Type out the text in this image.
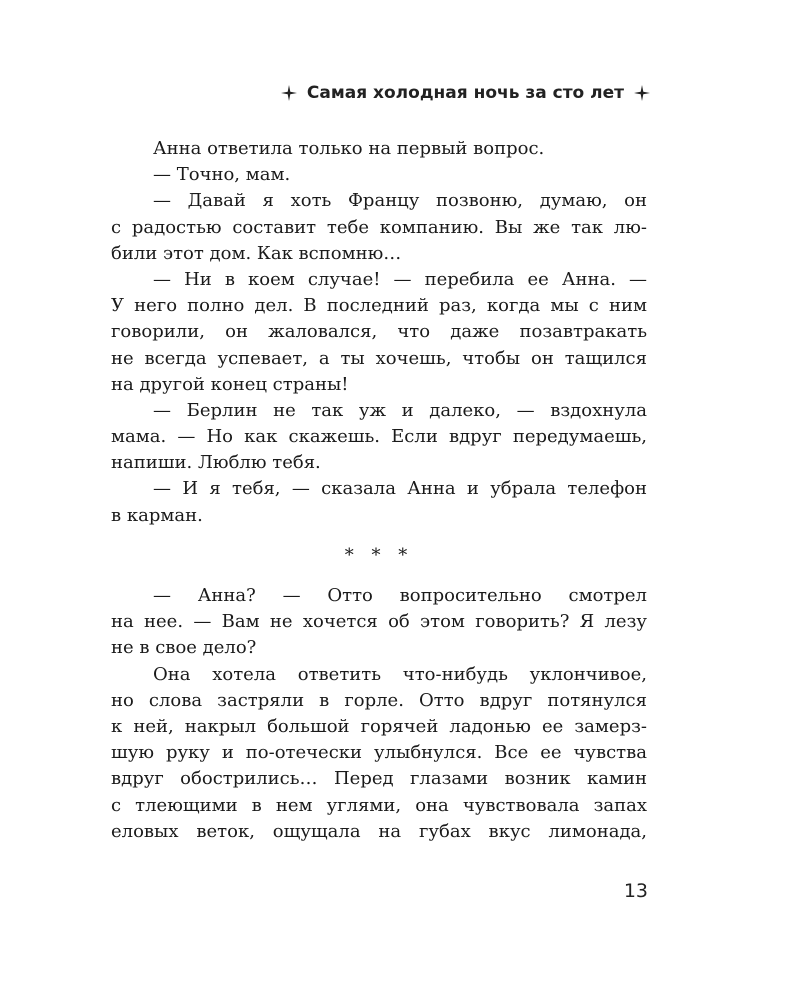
Самая холодная ночь за сто лет
Анна ответила только на первый вопрос.
— Точно, мам.
— Давай я хоть Францу позвоню, думаю, он
с радостью составит тебе компанию. Вы же так лю-
били этот дом. Как вспомню…
— Ни в коем случае! — перебила ее Анна. —
У него полно дел. В последний раз, когда мы с ним
говорили, он жаловался, что даже позавтракать
не всегда успевает, а ты хочешь, чтобы он тащился
на другой конец страны!
— Берлин не так уж и далеко, — вздохнула
мама. — Но как скажешь. Если вдруг передумаешь,
напиши. Люблю тебя.
— И я тебя, — сказала Анна и убрала телефон
в карман.
* * *
— Анна? — Отто вопросительно смотрел
на нее. — Вам не хочется об этом говорить? Я лезу
не в свое дело?
Она хотела ответить что-нибудь уклончивое,
но слова застряли в горле. Отто вдруг потянулся
к ней, накрыл большой горячей ладонью ее замерз-
шую руку и по-отечески улыбнулся. Все ее чувства
вдруг обострились… Перед глазами возник камин
с тлеющими в нем углями, она чувствовала запах
еловых веток, ощущала на губах вкус лимонада,
13
